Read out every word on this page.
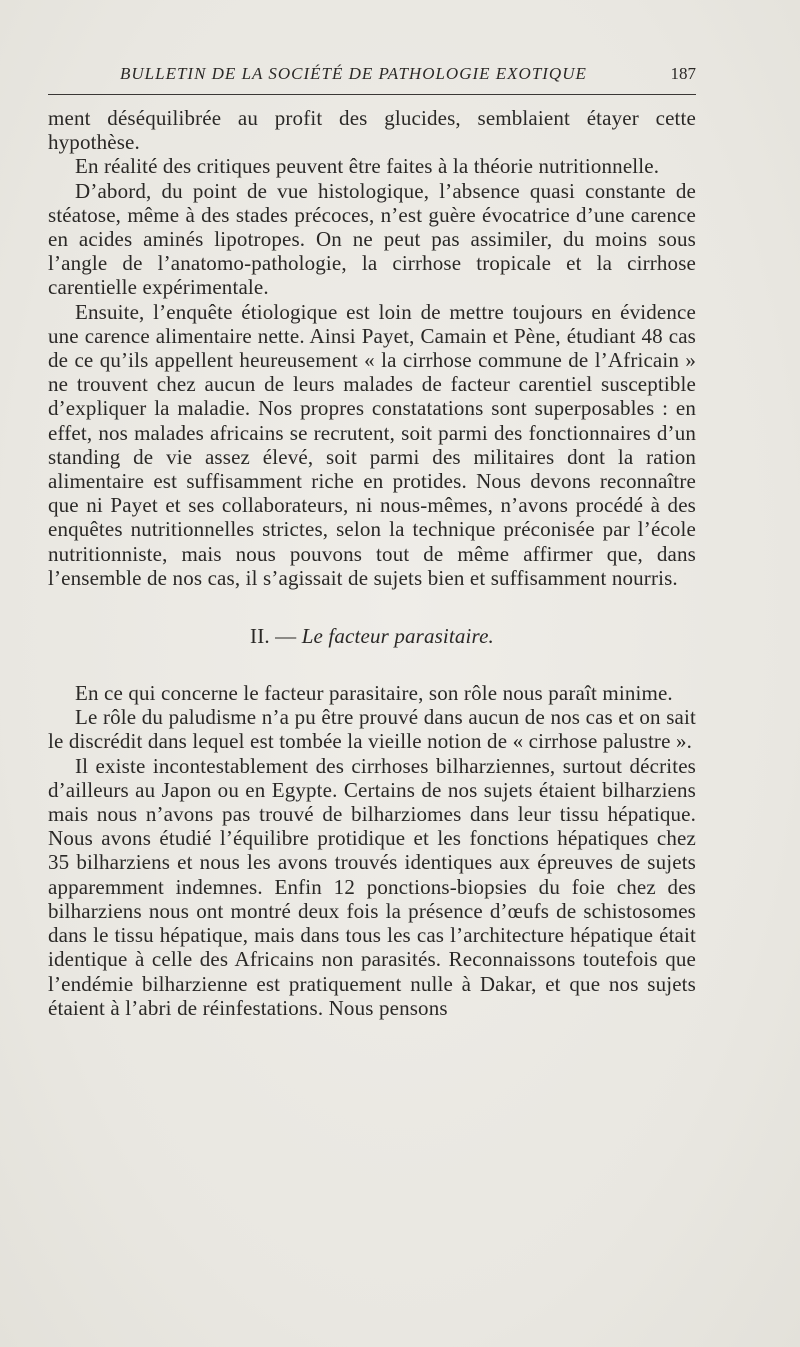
BULLETIN DE LA SOCIÉTÉ DE PATHOLOGIE EXOTIQUE	187

ment déséquilibrée au profit des glucides, semblaient étayer cette hypothèse.

En réalité des critiques peuvent être faites à la théorie nutritionnelle.

D’abord, du point de vue histologique, l’absence quasi constante de stéatose, même à des stades précoces, n’est guère évocatrice d’une carence en acides aminés lipotropes. On ne peut pas assimiler, du moins sous l’angle de l’anatomo-pathologie, la cirrhose tropicale et la cirrhose carentielle expérimentale.

Ensuite, l’enquête étiologique est loin de mettre toujours en évidence une carence alimentaire nette. Ainsi Payet, Camain et Pène, étudiant 48 cas de ce qu’ils appellent heureusement « la cirrhose commune de l’Africain » ne trouvent chez aucun de leurs malades de facteur carentiel susceptible d’expliquer la maladie. Nos propres constatations sont superposables : en effet, nos malades africains se recrutent, soit parmi des fonctionnaires d’un standing de vie assez élevé, soit parmi des militaires dont la ration alimentaire est suffisamment riche en protides. Nous devons reconnaître que ni Payet et ses collaborateurs, ni nous-mêmes, n’avons procédé à des enquêtes nutritionnelles strictes, selon la technique préconisée par l’école nutritionniste, mais nous pouvons tout de même affirmer que, dans l’ensemble de nos cas, il s’agissait de sujets bien et suffisamment nourris.

II. — Le facteur parasitaire.

En ce qui concerne le facteur parasitaire, son rôle nous paraît minime.

Le rôle du paludisme n’a pu être prouvé dans aucun de nos cas et on sait le discrédit dans lequel est tombée la vieille notion de « cirrhose palustre ».

Il existe incontestablement des cirrhoses bilharziennes, surtout décrites d’ailleurs au Japon ou en Egypte. Certains de nos sujets étaient bilharziens mais nous n’avons pas trouvé de bilharziomes dans leur tissu hépatique. Nous avons étudié l’équilibre protidique et les fonctions hépatiques chez 35 bilharziens et nous les avons trouvés identiques aux épreuves de sujets apparemment indemnes. Enfin 12 ponctions-biopsies du foie chez des bilharziens nous ont montré deux fois la présence d’œufs de schistosomes dans le tissu hépatique, mais dans tous les cas l’architecture hépatique était identique à celle des Africains non parasités. Reconnaissons toutefois que l’endémie bilharzienne est pratiquement nulle à Dakar, et que nos sujets étaient à l’abri de réinfestations. Nous pensons
